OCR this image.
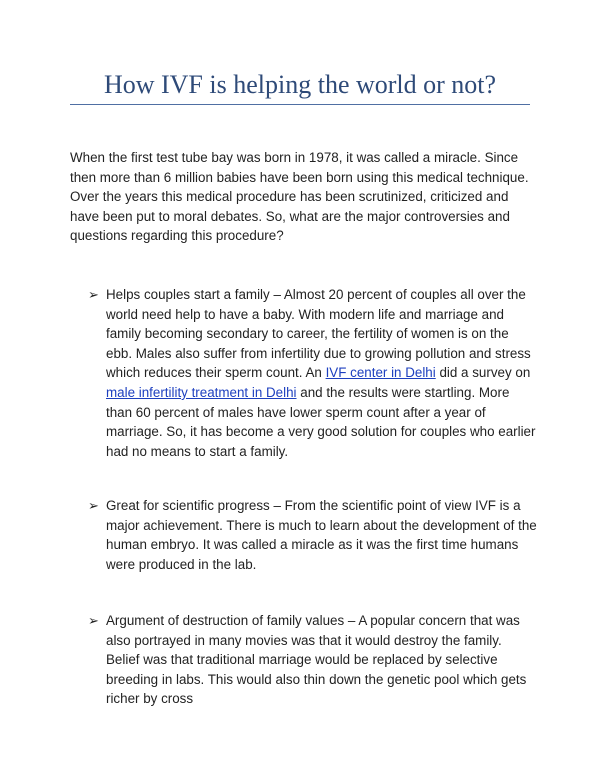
How IVF is helping the world or not?

When the first test tube bay was born in 1978, it was called a miracle. Since then more than 6 million babies have been born using this medical technique. Over the years this medical procedure has been scrutinized, criticized and have been put to moral debates. So, what are the major controversies and questions regarding this procedure?

➢ Helps couples start a family – Almost 20 percent of couples all over the world need help to have a baby. With modern life and marriage and family becoming secondary to career, the fertility of women is on the ebb. Males also suffer from infertility due to growing pollution and stress which reduces their sperm count. An IVF center in Delhi did a survey on male infertility treatment in Delhi and the results were startling. More than 60 percent of males have lower sperm count after a year of marriage. So, it has become a very good solution for couples who earlier had no means to start a family.
➢ Great for scientific progress – From the scientific point of view IVF is a major achievement. There is much to learn about the development of the human embryo. It was called a miracle as it was the first time humans were produced in the lab.
➢ Argument of destruction of family values – A popular concern that was also portrayed in many movies was that it would destroy the family. Belief was that traditional marriage would be replaced by selective breeding in labs. This would also thin down the genetic pool which gets richer by cross
